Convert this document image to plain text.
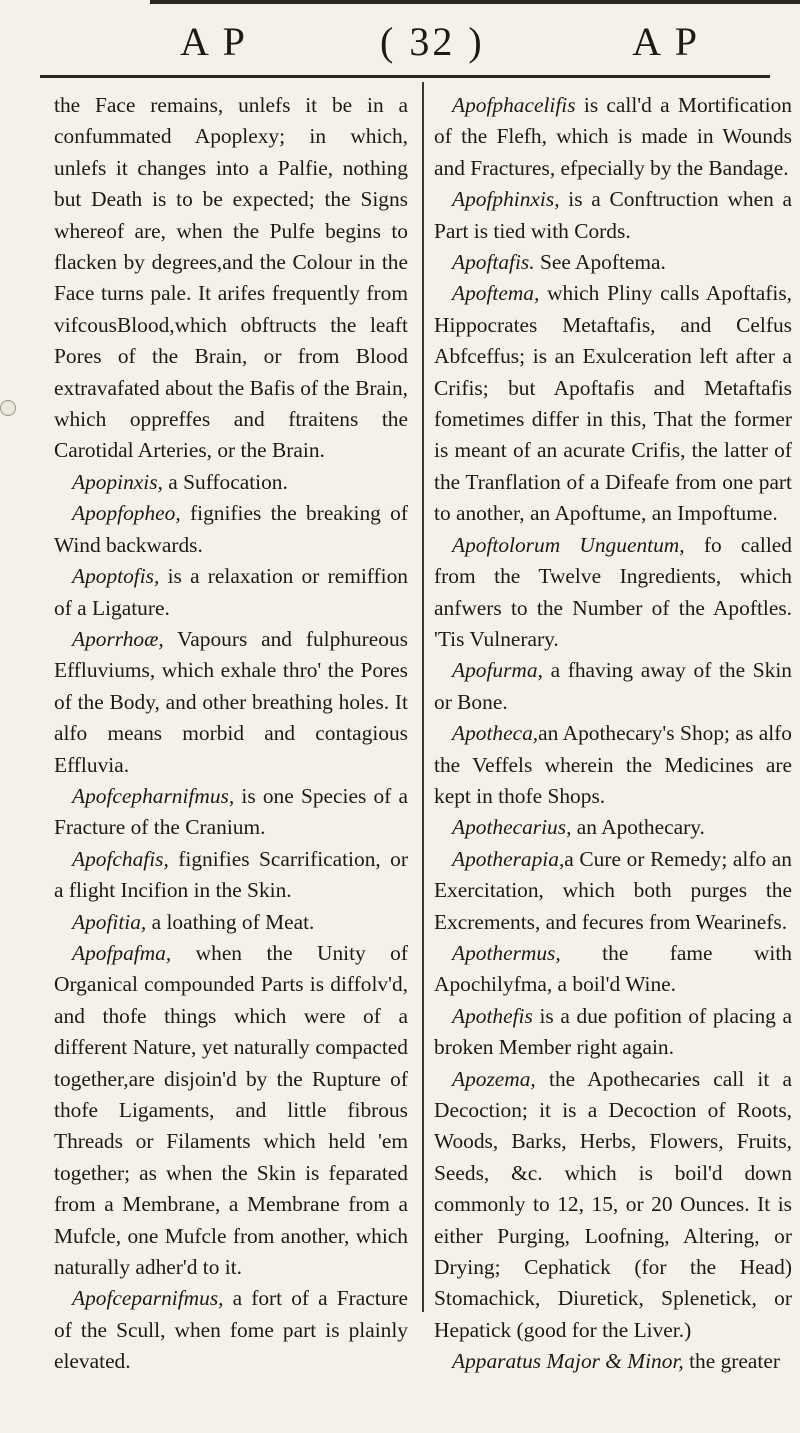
A P	( 32 )	A P

the Face remains, unlefs it be in a confummated Apoplexy; in which, unlefs it changes into a Palfie, nothing but Death is to be expected; the Signs whereof are, when the Pulfe begins to flacken by degrees,and the Colour in the Face turns pale. It arifes frequently from vifcousBlood,which obftructs the leaft Pores of the Brain, or from Blood extravafated about the Bafis of the Brain, which oppreffes and ftraitens the Carotidal Arteries, or the Brain.

Apopinxis, a Suffocation.

Apopfopheo, fignifies the breaking of Wind backwards.

Apoptofis, is a relaxation or remiffion of a Ligature.

Aporrhoæ, Vapours and fulphureous Effluviums, which exhale thro' the Pores of the Body, and other breathing holes. It alfo means morbid and contagious Effluvia.

Apofcepharnifmus, is one Species of a Fracture of the Cranium.

Apofchafis, fignifies Scarrification, or a flight Incifion in the Skin.

Apofitia, a loathing of Meat.

Apofpafma, when the Unity of Organical compounded Parts is diffolv'd, and thofe things which were of a different Nature, yet naturally compacted together,are disjoin'd by the Rupture of thofe Ligaments, and little fibrous Threads or Filaments which held 'em together; as when the Skin is feparated from a Membrane, a Membrane from a Mufcle, one Mufcle from another, which naturally adher'd to it.

Apofceparnifmus, a fort of a Fracture of the Scull, when fome part is plainly elevated.

Apofphacelifis is call'd a Mortification of the Flefh, which is made in Wounds and Fractures, efpecially by the Bandage.

Apofphinxis, is a Conftruction when a Part is tied with Cords.

Apoftafis. See Apoftema.

Apoftema, which Pliny calls Apoftafis, Hippocrates Metaftafis, and Celfus Abfceffus; is an Exulceration left after a Crifis; but Apoftafis and Metaftafis fometimes differ in this, That the former is meant of an acurate Crifis, the latter of the Tranflation of a Difeafe from one part to another, an Apoftume, an Impoftume.

Apoftolorum Unguentum, fo called from the Twelve Ingredients, which anfwers to the Number of the Apoftles. 'Tis Vulnerary.

Apofurma, a fhaving away of the Skin or Bone.

Apotheca,an Apothecary's Shop; as alfo the Veffels wherein the Medicines are kept in thofe Shops.

Apothecarius, an Apothecary.

Apotherapia,a Cure or Remedy; alfo an Exercitation, which both purges the Excrements, and fecures from Wearinefs.

Apothermus, the fame with Apochilyfma, a boil'd Wine.

Apothefis is a due pofition of placing a broken Member right again.

Apozema, the Apothecaries call it a Decoction; it is a Decoction of Roots, Woods, Barks, Herbs, Flowers, Fruits, Seeds, &c. which is boil'd down commonly to 12, 15, or 20 Ounces. It is either Purging, Loofning, Altering, or Drying; Cephatick (for the Head) Stomachick, Diuretick, Splenetick, or Hepatick (good for the Liver.)

Apparatus Major & Minor, the greater
